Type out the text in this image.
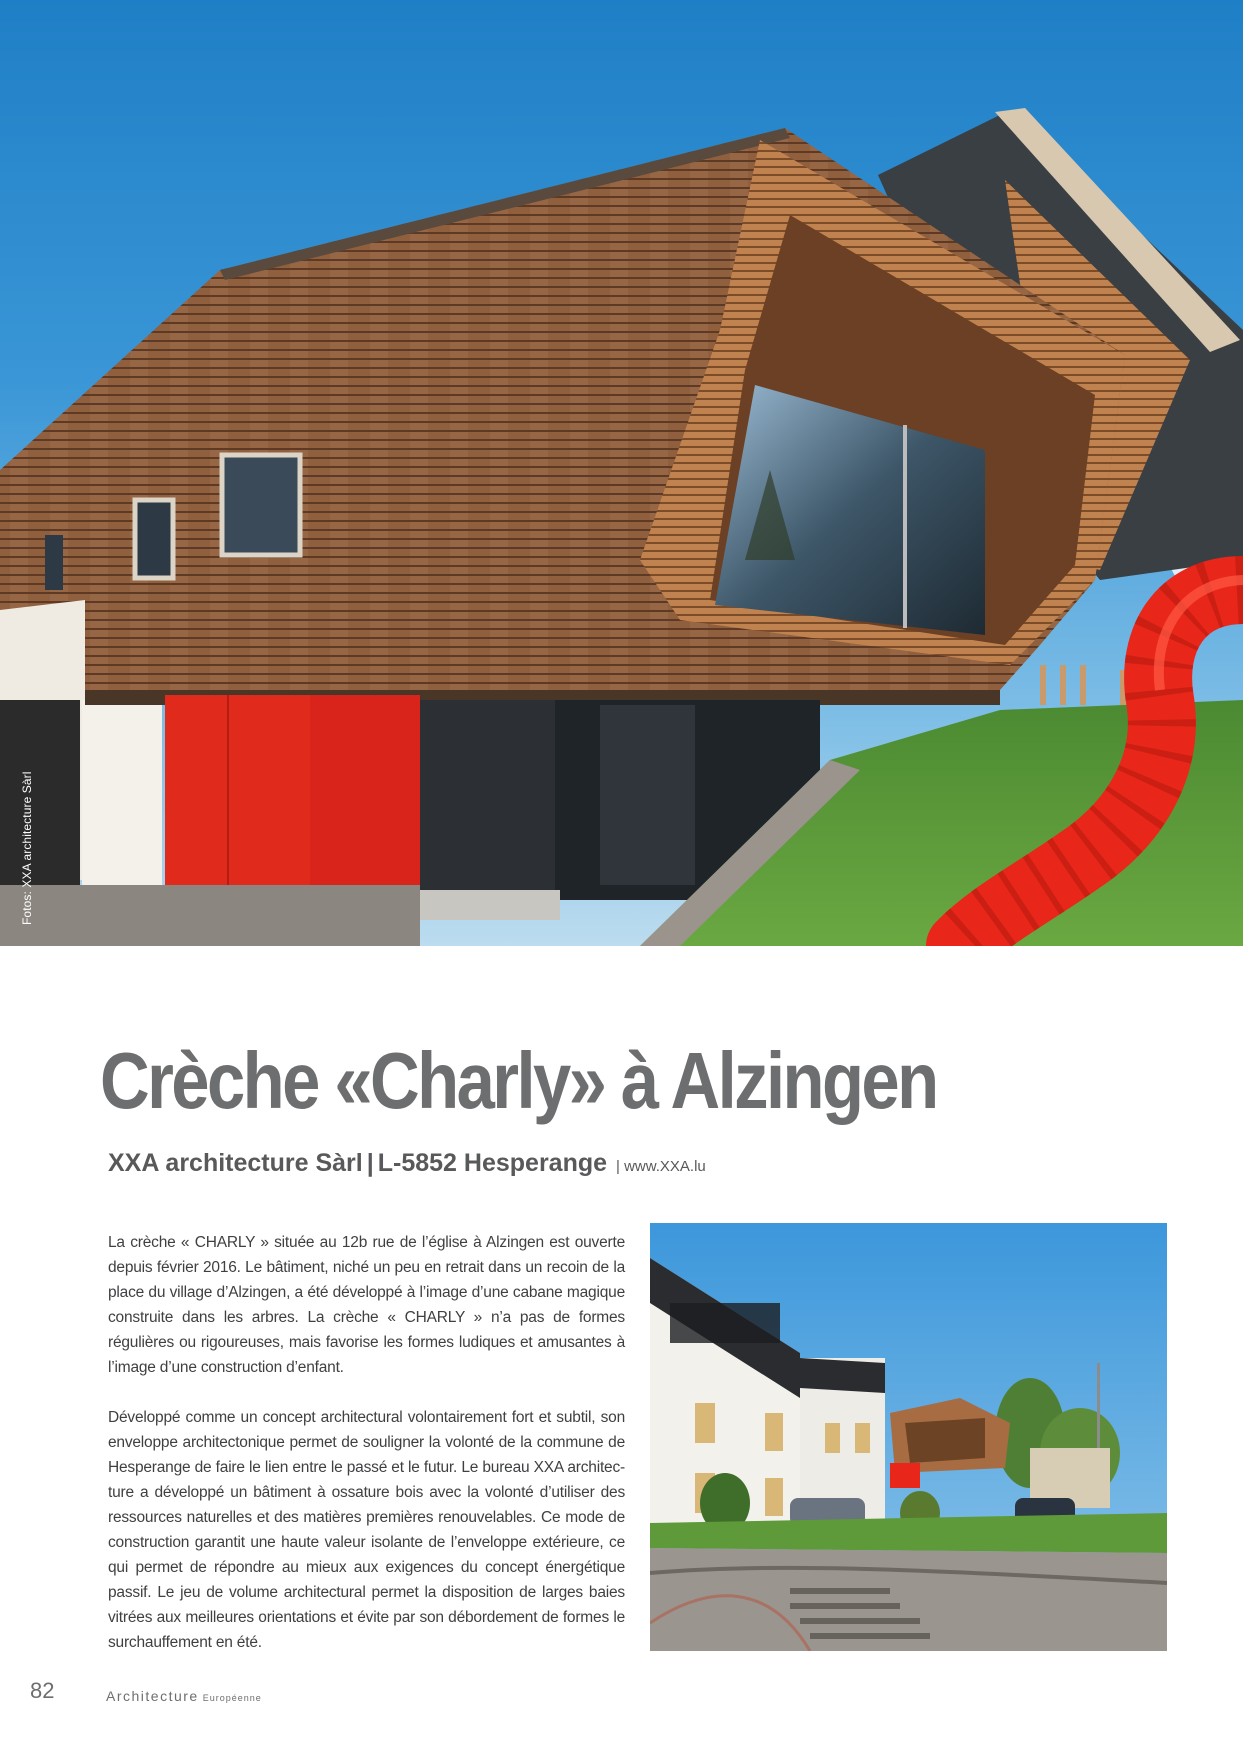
Fotos: XXA architecture Sàrl
Crèche «Charly» à Alzingen
XXA architecture Sàrl | L-5852 Hesperange | www.XXA.lu

La crèche « CHARLY » située au 12b rue de l’église à Alzingen est ouverte depuis février 2016. Le bâtiment, niché un peu en retrait dans un recoin de la place du village d’Alzingen, a été développé à l’image d’une cabane magique construite dans les arbres. La crèche « CHARLY » n’a pas de formes régulières ou rigoureuses, mais favorise les formes ludiques et amusantes à l’image d’une construction d’enfant.

Développé comme un concept architectural volontairement fort et subtil, son enveloppe architectonique permet de souligner la volonté de la commune de Hesperange de faire le lien entre le passé et le futur. Le bureau XXA architec-ture a développé un bâtiment à ossature bois avec la volonté d’utiliser des ressources naturelles et des matières premières renouvelables. Ce mode de construction garantit une haute valeur isolante de l’enveloppe extérieure, ce qui permet de répondre au mieux aux exigences du concept énergétique passif. Le jeu de volume architectural permet la disposition de larges baies vitrées aux meilleures orientations et évite par son débordement de formes le surchauffement en été.

82	Architecture Européenne
